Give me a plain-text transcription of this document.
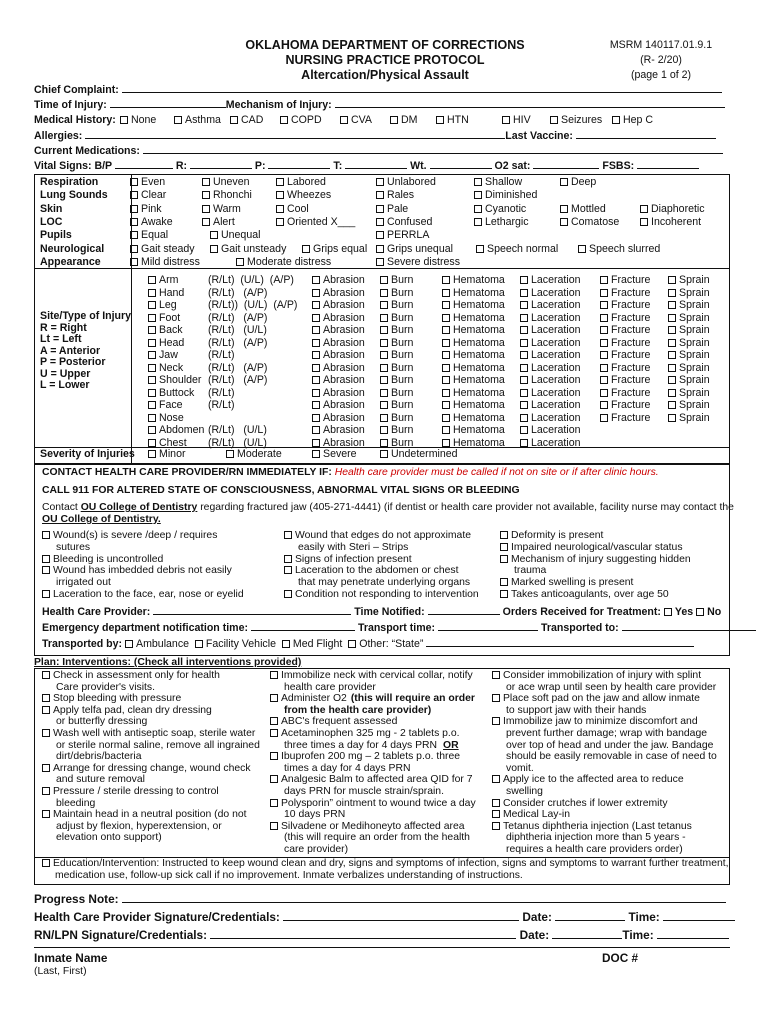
OKLAHOMA DEPARTMENT OF CORRECTIONS
NURSING PRACTICE PROTOCOL
Altercation/Physical Assault
MSRM 140117.01.9.1
(R- 2/20)
(page 1 of 2)
Chief Complaint:
Time of Injury:	Mechanism of Injury:
Medical History:	None	Asthma	CAD	COPD	CVA	DM	HTN	HIV	Seizures	Hep C
Allergies:	Last Vaccine:
Current Medications:
Vital Signs: B/P	R:	P:	T:	Wt.	O2 sat:	FSBS:
Respiration	Even	Uneven	Labored	Unlabored	Shallow	Deep
Lung Sounds	Clear	Rhonchi	Wheezes	Rales	Diminished
Skin	Pink	Warm	Cool	Pale	Cyanotic	Mottled	Diaphoretic
LOC	Awake	Alert	Oriented X___	Confused	Lethargic	Comatose	Incoherent
Pupils	Equal	Unequal	PERRLA
Neurological	Gait steady	Gait unsteady	Grips equal	Grips unequal	Speech normal	Speech slurred
Appearance	Mild distress	Moderate distress	Severe distress
Site/Type of Injury
R = Right
Lt = Left
A = Anterior
P = Posterior
U = Upper
L = Lower
Arm	(R/Lt)  (U/L)  (A/P)	Abrasion	Burn	Hematoma	Laceration	Fracture	Sprain
Hand (R/Lt)   (A/P)	Abrasion	Burn	Hematoma	Laceration	Fracture	Sprain
Leg	(R/Lt))  (U/L)  (A/P)	Abrasion	Burn	Hematoma	Laceration	Fracture	Sprain
Foot	(R/Lt)   (A/P)	Abrasion	Burn	Hematoma	Laceration	Fracture	Sprain
Back (R/Lt)   (U/L)	Abrasion	Burn	Hematoma	Laceration	Fracture	Sprain
Head (R/Lt)   (A/P)	Abrasion	Burn	Hematoma	Laceration	Fracture	Sprain
Jaw	(R/Lt)	Abrasion	Burn	Hematoma	Laceration	Fracture	Sprain
Neck (R/Lt)   (A/P)	Abrasion	Burn	Hematoma	Laceration	Fracture	Sprain
Shoulder (R/Lt)   (A/P)	Abrasion	Burn	Hematoma	Laceration	Fracture	Sprain
Buttock (R/Lt)	Abrasion	Burn	Hematoma	Laceration	Fracture	Sprain
Face (R/Lt)	Abrasion	Burn	Hematoma	Laceration	Fracture	Sprain
Nose	Abrasion	Burn	Hematoma	Laceration	Fracture	Sprain
Abdomen (R/Lt)   (U/L)	Abrasion	Burn	Hematoma	Laceration
Chest (R/Lt)   (U/L)	Abrasion	Burn	Hematoma	Laceration
Severity of Injuries	Minor	Moderate	Severe	Undetermined
CONTACT HEALTH CARE PROVIDER/RN IMMEDIATELY IF: Health care provider must be called if not on site or if after clinic hours.
CALL 911 FOR ALTERED STATE OF CONSCIOUSNESS, ABNORMAL VITAL SIGNS OR BLEEDING
Contact OU College of Dentistry regarding fractured jaw (405-271-4441) (if dentist or health care provider not available, facility nurse may contact the
OU College of Dentistry.
Wound(s) is severe /deep / requires
sutures
Bleeding is uncontrolled
Wound has imbedded debris not easily
irrigated out
Laceration to the face, ear, nose or eyelid
Wound that edges do not approximate
easily with Steri – Strips
Signs of infection present
Laceration to the abdomen or chest
that may penetrate underlying organs
Condition not responding to intervention
Deformity is present
Impaired neurological/vascular status
Mechanism of injury suggesting hidden
trauma
Marked swelling is present
Takes anticoagulants, over age 50
Health Care Provider:	Time Notified:	Orders Received for Treatment: Yes No
Emergency department notification time:	Transport time:	Transported to:
Transported by: Ambulance Facility Vehicle Med Flight Other: “State”
Plan: Interventions: (Check all interventions provided)
Check in assessment only for health
Care provider's visits.
Stop bleeding with pressure
Apply telfa pad, clean dry dressing
or butterfly dressing
Wash well with antiseptic soap, sterile water
or sterile normal saline, remove all ingrained
dirt/debris/bacteria
Arrange for dressing change, wound check
and suture removal
Pressure / sterile dressing to control
bleeding
Maintain head in a neutral position (do not
adjust by flexion, hyperextension, or
elevation onto support)
Immobilize neck with cervical collar, notify
health care provider
Administer O2 (this will require an order
from the health care provider)
ABC's frequent assessed
Acetaminophen 325 mg - 2 tablets p.o.
three times a day for 4 days PRN OR
Ibuprofen 200 mg – 2 tablets p.o. three
times a day for 4 days PRN
Analgesic Balm to affected area QID for 7
days PRN for muscle strain/sprain.
Polysporin” ointment to wound twice a day
10 days PRN
Silvadene or Medihoneyto affected area
(this will require an order from the health
care provider)
Consider immobilization of injury with splint
or ace wrap until seen by health care provider
Place soft pad on the jaw and allow inmate
to support jaw with their hands
Immobilize jaw to minimize discomfort and
prevent further damage; wrap with bandage
over top of head and under the jaw. Bandage
should be easily removable in case of need to
vomit.
Apply ice to the affected area to reduce
swelling
Consider crutches if lower extremity
Medical Lay-in
Tetanus diphtheria injection (Last tetanus
diphtheria injection more than 5 years -
requires a health care providers order)
Education/Intervention: Instructed to keep wound clean and dry, signs and symptoms of infection, signs and symptoms to warrant further treatment,
medication use, follow-up sick call if no improvement. Inmate verbalizes understanding of instructions.
Progress Note:
Health Care Provider Signature/Credentials:	Date:	Time:
RN/LPN Signature/Credentials:	Date:	Time:
Inmate Name	DOC #
(Last, First)
